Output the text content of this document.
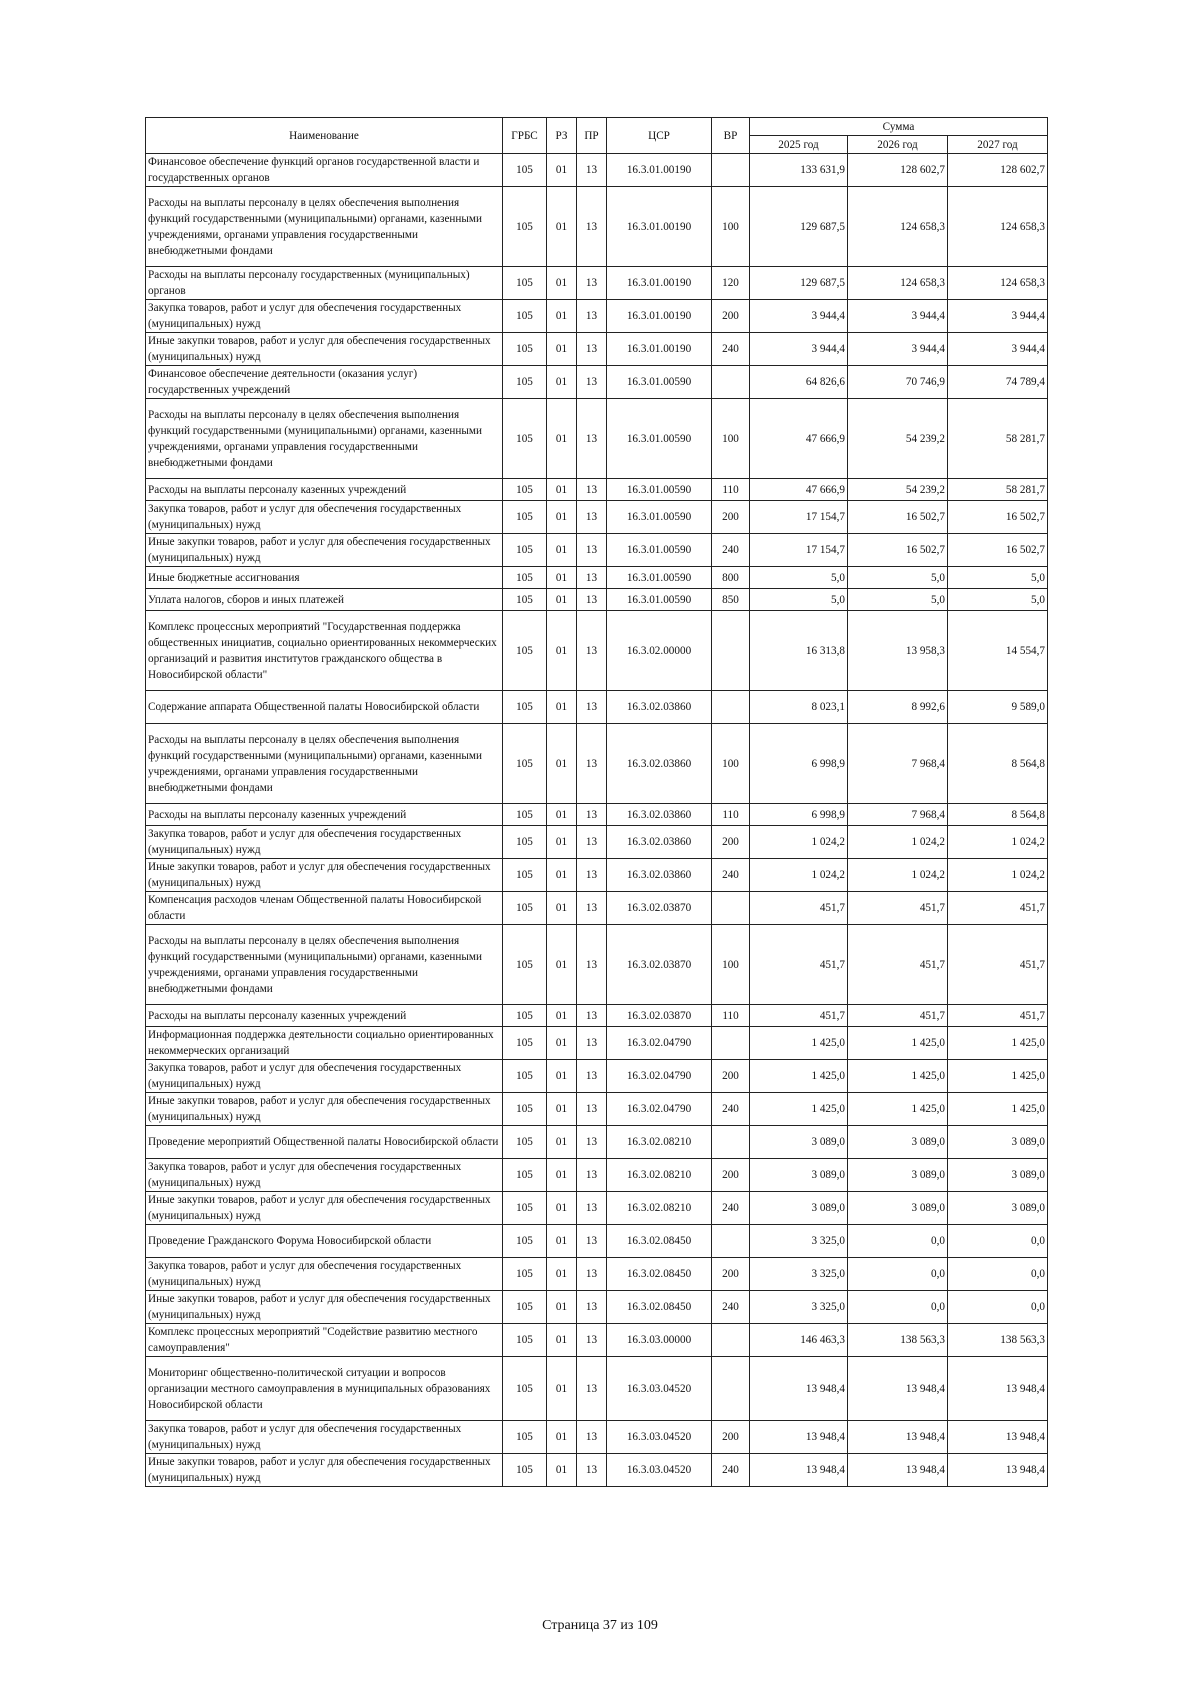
Наименование	ГРБС	РЗ	ПР	ЦСР	ВР	Сумма		
						2025 год	2026 год	2027 год
Финансовое обеспечение функций органов государственной власти и государственных органов	105	01	13	16.3.01.00190		133 631,9	128 602,7	128 602,7
Расходы на выплаты персоналу в целях обеспечения выполнения функций государственными (муниципальными) органами, казенными учреждениями, органами управления государственными внебюджетными фондами	105	01	13	16.3.01.00190	100	129 687,5	124 658,3	124 658,3
Расходы на выплаты персоналу государственных (муниципальных) органов	105	01	13	16.3.01.00190	120	129 687,5	124 658,3	124 658,3
Закупка товаров, работ и услуг для обеспечения государственных (муниципальных) нужд	105	01	13	16.3.01.00190	200	3 944,4	3 944,4	3 944,4
Иные закупки товаров, работ и услуг для обеспечения государственных (муниципальных) нужд	105	01	13	16.3.01.00190	240	3 944,4	3 944,4	3 944,4
Финансовое обеспечение деятельности (оказания услуг) государственных учреждений	105	01	13	16.3.01.00590		64 826,6	70 746,9	74 789,4
Расходы на выплаты персоналу в целях обеспечения выполнения функций государственными (муниципальными) органами, казенными учреждениями, органами управления государственными внебюджетными фондами	105	01	13	16.3.01.00590	100	47 666,9	54 239,2	58 281,7
Расходы на выплаты персоналу казенных учреждений	105	01	13	16.3.01.00590	110	47 666,9	54 239,2	58 281,7
Закупка товаров, работ и услуг для обеспечения государственных (муниципальных) нужд	105	01	13	16.3.01.00590	200	17 154,7	16 502,7	16 502,7
Иные закупки товаров, работ и услуг для обеспечения государственных (муниципальных) нужд	105	01	13	16.3.01.00590	240	17 154,7	16 502,7	16 502,7
Иные бюджетные ассигнования	105	01	13	16.3.01.00590	800	5,0	5,0	5,0
Уплата налогов, сборов и иных платежей	105	01	13	16.3.01.00590	850	5,0	5,0	5,0
Комплекс процессных мероприятий "Государственная поддержка общественных инициатив, социально ориентированных некоммерческих организаций и развития институтов гражданского общества в Новосибирской области"	105	01	13	16.3.02.00000		16 313,8	13 958,3	14 554,7
Содержание аппарата Общественной палаты Новосибирской области	105	01	13	16.3.02.03860		8 023,1	8 992,6	9 589,0
Расходы на выплаты персоналу в целях обеспечения выполнения функций государственными (муниципальными) органами, казенными учреждениями, органами управления государственными внебюджетными фондами	105	01	13	16.3.02.03860	100	6 998,9	7 968,4	8 564,8
Расходы на выплаты персоналу казенных учреждений	105	01	13	16.3.02.03860	110	6 998,9	7 968,4	8 564,8
Закупка товаров, работ и услуг для обеспечения государственных (муниципальных) нужд	105	01	13	16.3.02.03860	200	1 024,2	1 024,2	1 024,2
Иные закупки товаров, работ и услуг для обеспечения государственных (муниципальных) нужд	105	01	13	16.3.02.03860	240	1 024,2	1 024,2	1 024,2
Компенсация расходов членам Общественной палаты Новосибирской области	105	01	13	16.3.02.03870		451,7	451,7	451,7
Расходы на выплаты персоналу в целях обеспечения выполнения функций государственными (муниципальными) органами, казенными учреждениями, органами управления государственными внебюджетными фондами	105	01	13	16.3.02.03870	100	451,7	451,7	451,7
Расходы на выплаты персоналу казенных учреждений	105	01	13	16.3.02.03870	110	451,7	451,7	451,7
Информационная поддержка деятельности социально ориентированных некоммерческих организаций	105	01	13	16.3.02.04790		1 425,0	1 425,0	1 425,0
Закупка товаров, работ и услуг для обеспечения государственных (муниципальных) нужд	105	01	13	16.3.02.04790	200	1 425,0	1 425,0	1 425,0
Иные закупки товаров, работ и услуг для обеспечения государственных (муниципальных) нужд	105	01	13	16.3.02.04790	240	1 425,0	1 425,0	1 425,0
Проведение мероприятий Общественной палаты Новосибирской области	105	01	13	16.3.02.08210		3 089,0	3 089,0	3 089,0
Закупка товаров, работ и услуг для обеспечения государственных (муниципальных) нужд	105	01	13	16.3.02.08210	200	3 089,0	3 089,0	3 089,0
Иные закупки товаров, работ и услуг для обеспечения государственных (муниципальных) нужд	105	01	13	16.3.02.08210	240	3 089,0	3 089,0	3 089,0
Проведение Гражданского Форума Новосибирской области	105	01	13	16.3.02.08450		3 325,0	0,0	0,0
Закупка товаров, работ и услуг для обеспечения государственных (муниципальных) нужд	105	01	13	16.3.02.08450	200	3 325,0	0,0	0,0
Иные закупки товаров, работ и услуг для обеспечения государственных (муниципальных) нужд	105	01	13	16.3.02.08450	240	3 325,0	0,0	0,0
Комплекс процессных мероприятий "Содействие развитию местного самоуправления"	105	01	13	16.3.03.00000		146 463,3	138 563,3	138 563,3
Мониторинг общественно-политической ситуации и вопросов организации местного самоуправления в муниципальных образованиях Новосибирской области	105	01	13	16.3.03.04520		13 948,4	13 948,4	13 948,4
Закупка товаров, работ и услуг для обеспечения государственных (муниципальных) нужд	105	01	13	16.3.03.04520	200	13 948,4	13 948,4	13 948,4
Иные закупки товаров, работ и услуг для обеспечения государственных (муниципальных) нужд	105	01	13	16.3.03.04520	240	13 948,4	13 948,4	13 948,4
Страница 37 из 109
